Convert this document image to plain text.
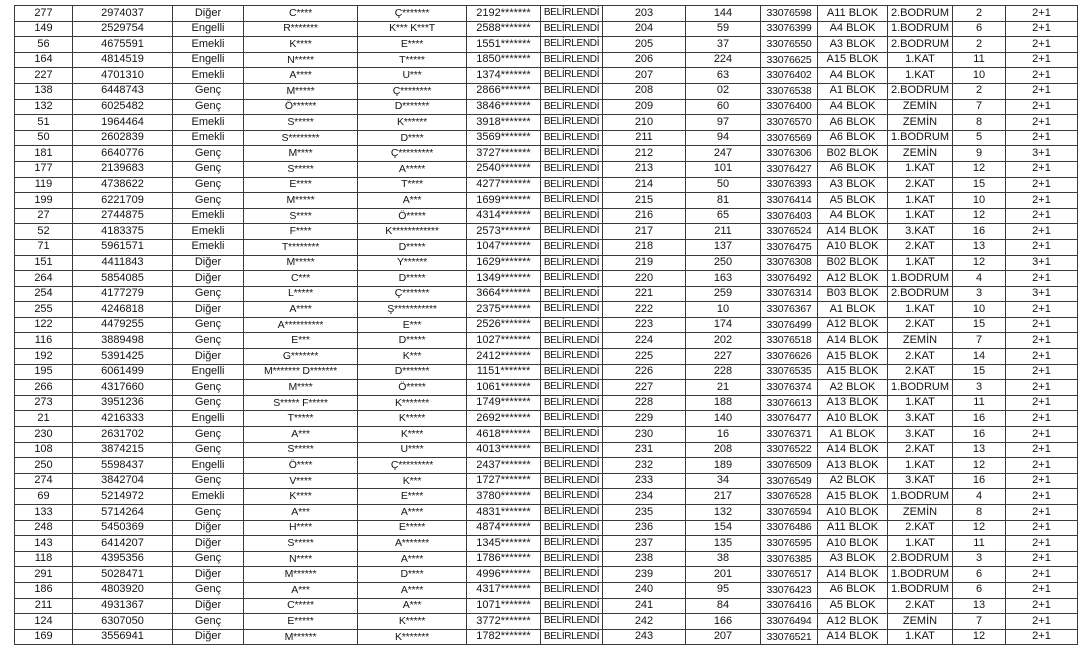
277	2974037	Diğer	C****	Ç*******	2192*******	BELİRLENDİ	203	144	33076598	A11 BLOK	2.BODRUM	2	2+1
149	2529754	Engelli	R*******	K*** K***T	2588*******	BELİRLENDİ	204	59	33076399	A4 BLOK	1.BODRUM	6	2+1
56	4675591	Emekli	K****	E****	1551*******	BELİRLENDİ	205	37	33076550	A3 BLOK	2.BODRUM	2	2+1
164	4814519	Engelli	N*****	T*****	1850*******	BELİRLENDİ	206	224	33076625	A15 BLOK	1.KAT	11	2+1
227	4701310	Emekli	A****	U***	1374*******	BELİRLENDİ	207	63	33076402	A4 BLOK	1.KAT	10	2+1
138	6448743	Genç	M*****	Ç********	2866*******	BELİRLENDİ	208	02	33076538	A1 BLOK	2.BODRUM	2	2+1
132	6025482	Genç	Ö******	D*******	3846*******	BELİRLENDİ	209	60	33076400	A4 BLOK	ZEMİN	7	2+1
51	1964464	Emekli	S*****	K******	3918*******	BELİRLENDİ	210	97	33076570	A6 BLOK	ZEMİN	8	2+1
50	2602839	Emekli	S********	D****	3569*******	BELİRLENDİ	211	94	33076569	A6 BLOK	1.BODRUM	5	2+1
181	6640776	Genç	M****	Ç*********	3727*******	BELİRLENDİ	212	247	33076306	B02 BLOK	ZEMİN	9	3+1
177	2139683	Genç	S*****	A*****	2540*******	BELİRLENDİ	213	101	33076427	A6 BLOK	1.KAT	12	2+1
119	4738622	Genç	E****	T****	4277*******	BELİRLENDİ	214	50	33076393	A3 BLOK	2.KAT	15	2+1
199	6221709	Genç	M*****	A***	1699*******	BELİRLENDİ	215	81	33076414	A5 BLOK	1.KAT	10	2+1
27	2744875	Emekli	S****	Ö*****	4314*******	BELİRLENDİ	216	65	33076403	A4 BLOK	1.KAT	12	2+1
52	4183375	Emekli	F****	K************	2573*******	BELİRLENDİ	217	211	33076524	A14 BLOK	3.KAT	16	2+1
71	5961571	Emekli	T********	D*****	1047*******	BELİRLENDİ	218	137	33076475	A10 BLOK	2.KAT	13	2+1
151	4411843	Diğer	M*****	Y******	1629*******	BELİRLENDİ	219	250	33076308	B02 BLOK	1.KAT	12	3+1
264	5854085	Diğer	C***	D*****	1349*******	BELİRLENDİ	220	163	33076492	A12 BLOK	1.BODRUM	4	2+1
254	4177279	Genç	L*****	Ç*******	3664*******	BELİRLENDİ	221	259	33076314	B03 BLOK	2.BODRUM	3	3+1
255	4246818	Diğer	A****	Ş***********	2375*******	BELİRLENDİ	222	10	33076367	A1 BLOK	1.KAT	10	2+1
122	4479255	Genç	A**********	E***	2526*******	BELİRLENDİ	223	174	33076499	A12 BLOK	2.KAT	15	2+1
116	3889498	Genç	E***	D*****	1027*******	BELİRLENDİ	224	202	33076518	A14 BLOK	ZEMİN	7	2+1
192	5391425	Diğer	G*******	K***	2412*******	BELİRLENDİ	225	227	33076626	A15 BLOK	2.KAT	14	2+1
195	6061499	Engelli	M******* D*******	D*******	1151*******	BELİRLENDİ	226	228	33076535	A15 BLOK	2.KAT	15	2+1
266	4317660	Genç	M****	Ö*****	1061*******	BELİRLENDİ	227	21	33076374	A2 BLOK	1.BODRUM	3	2+1
273	3951236	Genç	S***** F*****	K*******	1749*******	BELİRLENDİ	228	188	33076613	A13 BLOK	1.KAT	11	2+1
21	4216333	Engelli	T*****	K*****	2692*******	BELİRLENDİ	229	140	33076477	A10 BLOK	3.KAT	16	2+1
230	2631702	Genç	A***	K****	4618*******	BELİRLENDİ	230	16	33076371	A1 BLOK	3.KAT	16	2+1
108	3874215	Genç	S*****	U****	4013*******	BELİRLENDİ	231	208	33076522	A14 BLOK	2.KAT	13	2+1
250	5598437	Engelli	Ö****	Ç*********	2437*******	BELİRLENDİ	232	189	33076509	A13 BLOK	1.KAT	12	2+1
274	3842704	Genç	V****	K***	1727*******	BELİRLENDİ	233	34	33076549	A2 BLOK	3.KAT	16	2+1
69	5214972	Emekli	K****	E****	3780*******	BELİRLENDİ	234	217	33076528	A15 BLOK	1.BODRUM	4	2+1
133	5714264	Genç	A***	A****	4831*******	BELİRLENDİ	235	132	33076594	A10 BLOK	ZEMİN	8	2+1
248	5450369	Diğer	H****	E*****	4874*******	BELİRLENDİ	236	154	33076486	A11 BLOK	2.KAT	12	2+1
143	6414207	Diğer	S*****	A*******	1345*******	BELİRLENDİ	237	135	33076595	A10 BLOK	1.KAT	11	2+1
118	4395356	Genç	N****	A****	1786*******	BELİRLENDİ	238	38	33076385	A3 BLOK	2.BODRUM	3	2+1
291	5028471	Diğer	M******	D****	4996*******	BELİRLENDİ	239	201	33076517	A14 BLOK	1.BODRUM	6	2+1
186	4803920	Genç	A***	A****	4317*******	BELİRLENDİ	240	95	33076423	A6 BLOK	1.BODRUM	6	2+1
211	4931367	Diğer	C*****	A***	1071*******	BELİRLENDİ	241	84	33076416	A5 BLOK	2.KAT	13	2+1
124	6307050	Genç	E*****	K*****	3772*******	BELİRLENDİ	242	166	33076494	A12 BLOK	ZEMİN	7	2+1
169	3556941	Diğer	M******	K*******	1782*******	BELİRLENDİ	243	207	33076521	A14 BLOK	1.KAT	12	2+1
